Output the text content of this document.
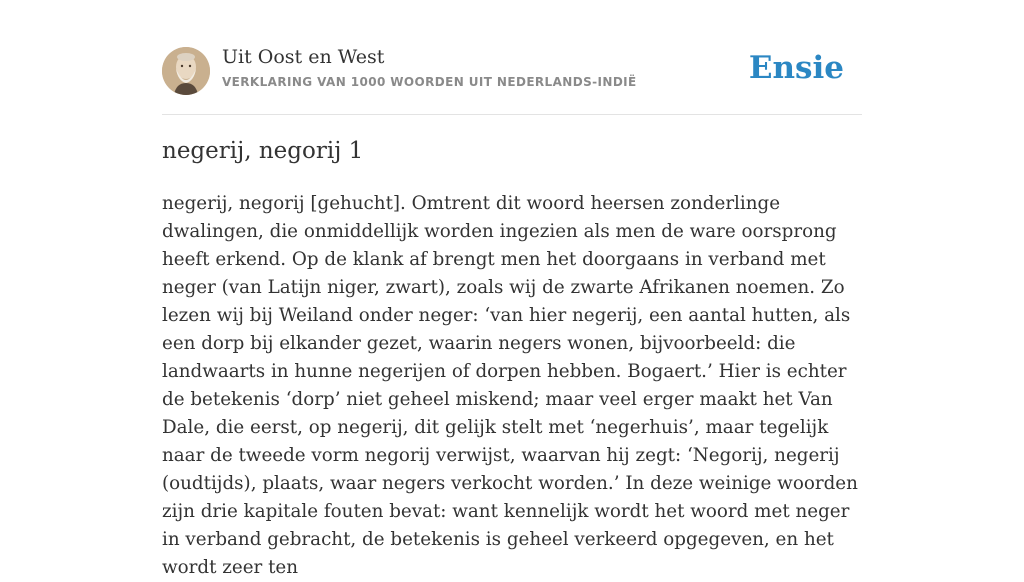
Uit Oost en West
VERKLARING VAN 1000 WOORDEN UIT NEDERLANDS-INDIË	Ensie
negerij, negorij 1

negerij, negorij [gehucht]. Omtrent dit woord heersen zonderlinge dwalingen, die onmiddellijk worden ingezien als men de ware oorsprong heeft erkend. Op de klank af brengt men het doorgaans in verband met neger (van Latijn niger, zwart), zoals wij de zwarte Afrikanen noemen. Zo lezen wij bij Weiland onder neger: ‘van hier negerij, een aantal hutten, als een dorp bij elkander gezet, waarin negers wonen, bijvoorbeeld: die landwaarts in hunne negerijen of dorpen hebben. Bogaert.’ Hier is echter de betekenis ‘dorp’ niet geheel miskend; maar veel erger maakt het Van Dale, die eerst, op negerij, dit gelijk stelt met ‘negerhuis’, maar tegelijk naar de tweede vorm negorij verwijst, waarvan hij zegt: ‘Negorij, negerij (oudtijds), plaats, waar negers verkocht worden.’ In deze weinige woorden zijn drie kapitale fouten bevat: want kennelijk wordt het woord met neger in verband gebracht, de betekenis is geheel verkeerd opgegeven, en het wordt zeer ten
